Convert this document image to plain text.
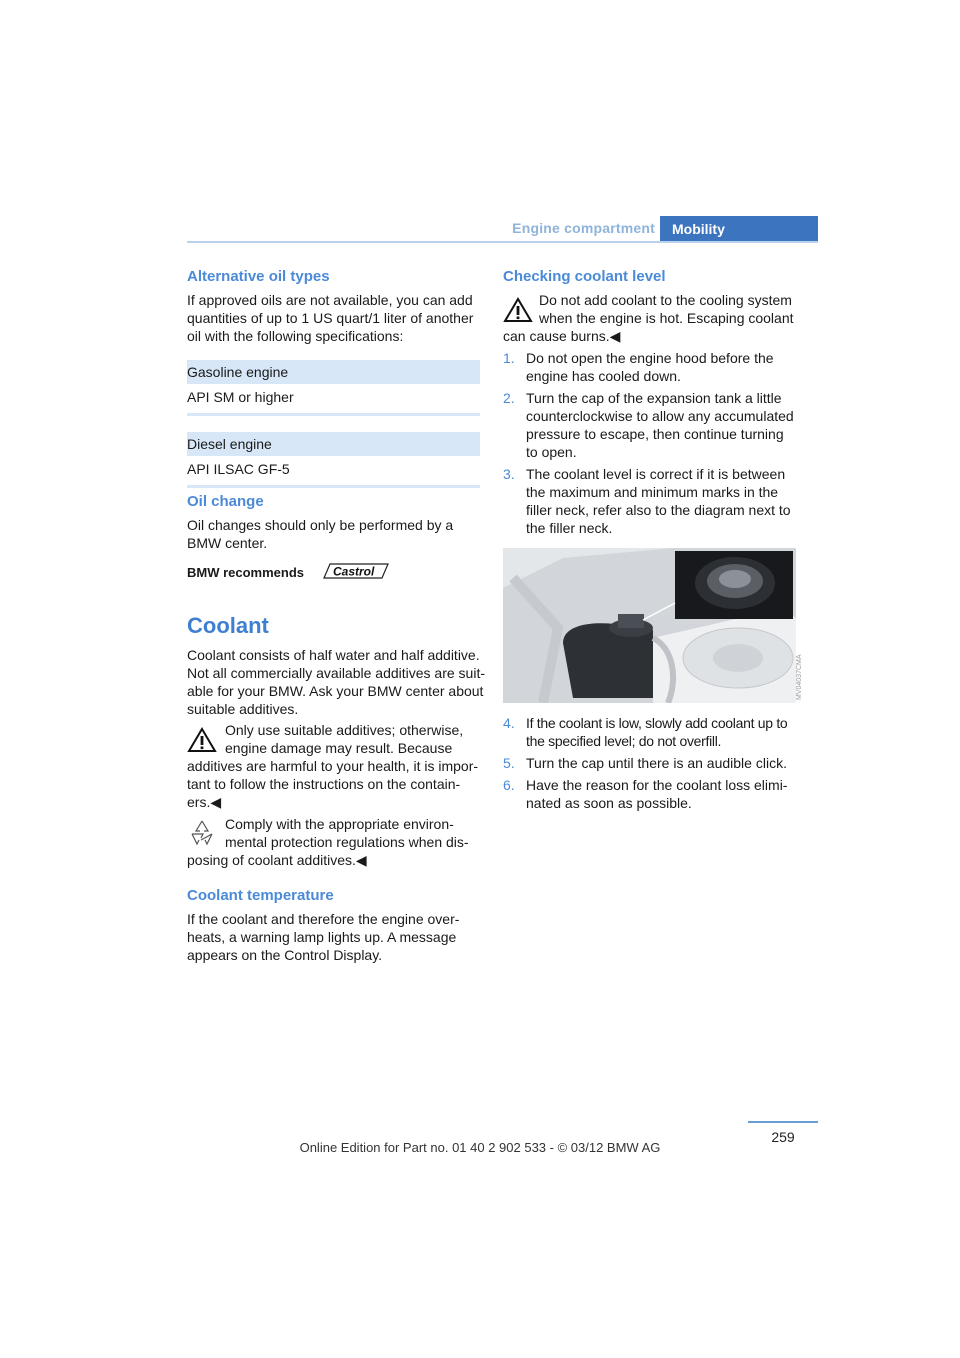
Engine compartment	Mobility
Alternative oil types
If approved oils are not available, you can add
quantities of up to 1 US quart/1 liter of another
oil with the following specifications:
Gasoline engine
API SM or higher
Diesel engine
API ILSAC GF-5
Oil change
Oil changes should only be performed by a
BMW center.
BMW recommends Castrol
Coolant
Coolant consists of half water and half additive.
Not all commercially available additives are suit-
able for your BMW. Ask your BMW center about
suitable additives.
Only use suitable additives; otherwise,
engine damage may result. Because
additives are harmful to your health, it is impor-
tant to follow the instructions on the contain-
ers.◀
Comply with the appropriate environ-
mental protection regulations when dis-
posing of coolant additives.◀
Coolant temperature
If the coolant and therefore the engine over-
heats, a warning lamp lights up. A message
appears on the Control Display.
Checking coolant level
Do not add coolant to the cooling system
when the engine is hot. Escaping coolant
can cause burns.◀
1. Do not open the engine hood before the
engine has cooled down.
2. Turn the cap of the expansion tank a little
counterclockwise to allow any accumulated
pressure to escape, then continue turning
to open.
3. The coolant level is correct if it is between
the maximum and minimum marks in the
filler neck, refer also to the diagram next to
the filler neck.
MV04037CMA
4. If the coolant is low, slowly add coolant up to
the specified level; do not overfill.
5. Turn the cap until there is an audible click.
6. Have the reason for the coolant loss elimi-
nated as soon as possible.
259
Online Edition for Part no. 01 40 2 902 533 - © 03/12 BMW AG
